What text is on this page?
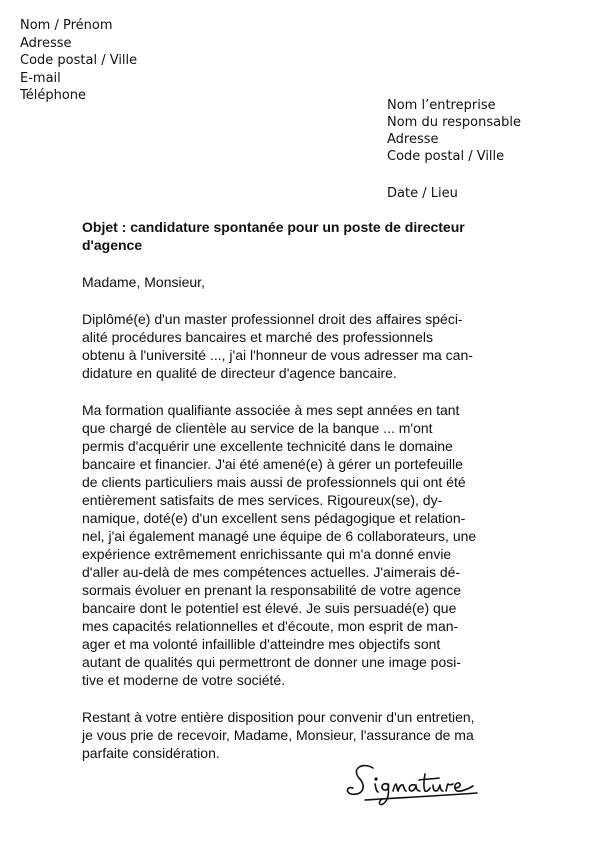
Nom / Prénom
Adresse
Code postal / Ville
E-mail
Téléphone
Nom l’entreprise
Nom du responsable
Adresse
Code postal / Ville
Date / Lieu
Objet : candidature spontanée pour un poste de directeur
d'agence
Madame, Monsieur,
Diplômé(e) d'un master professionnel droit des affaires spéci-
alité procédures bancaires et marché des professionnels
obtenu à l'université ..., j'ai l'honneur de vous adresser ma can-
didature en qualité de directeur d'agence bancaire.
Ma formation qualifiante associée à mes sept années en tant
que chargé de clientèle au service de la banque ... m'ont
permis d'acquérir une excellente technicité dans le domaine
bancaire et financier. J'ai été amené(e) à gérer un portefeuille
de clients particuliers mais aussi de professionnels qui ont été
entièrement satisfaits de mes services. Rigoureux(se), dy-
namique, doté(e) d'un excellent sens pédagogique et relation-
nel, j'ai également managé une équipe de 6 collaborateurs, une
expérience extrêmement enrichissante qui m'a donné envie
d'aller au-delà de mes compétences actuelles. J'aimerais dé-
sormais évoluer en prenant la responsabilité de votre agence
bancaire dont le potentiel est élevé. Je suis persuadé(e) que
mes capacités relationnelles et d'écoute, mon esprit de man-
ager et ma volonté infaillible d'atteindre mes objectifs sont
autant de qualités qui permettront de donner une image posi-
tive et moderne de votre société.
Restant à votre entière disposition pour convenir d'un entretien,
je vous prie de recevoir, Madame, Monsieur, l'assurance de ma
parfaite considération.
